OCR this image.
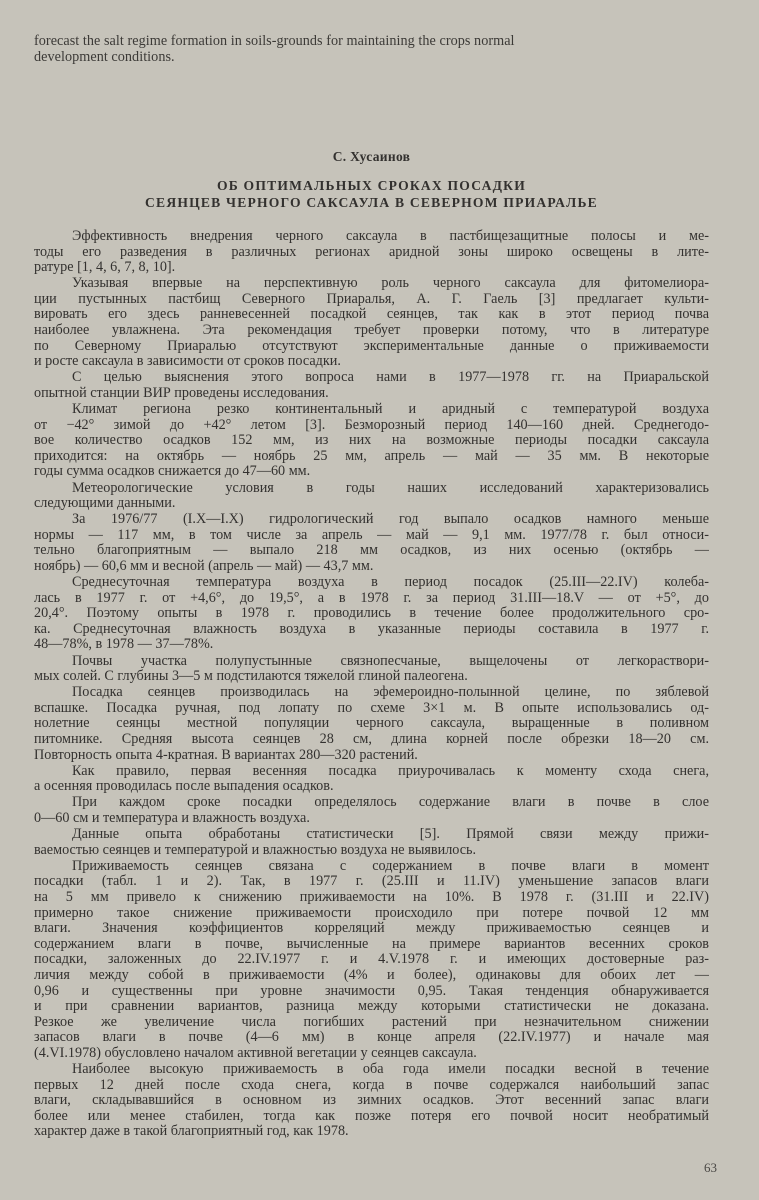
forecast the salt regime formation in soils-grounds for maintaining the crops normal
development conditions.
С. Хусаинов
ОБ ОПТИМАЛЬНЫХ СРОКАХ ПОСАДКИ
СЕЯНЦЕВ ЧЕРНОГО САКСАУЛА В СЕВЕРНОМ ПРИАРАЛЬЕ
Эффективность внедрения черного саксаула в пастбищезащитные полосы и ме-
тоды его разведения в различных регионах аридной зоны широко освещены в лите-
ратуре [1, 4, 6, 7, 8, 10].
Указывая впервые на перспективную роль черного саксаула для фитомелиора-
ции пустынных пастбищ Северного Приаралья, А. Г. Гаель [3] предлагает культи-
вировать его здесь ранневесенней посадкой сеянцев, так как в этот период почва
наиболее увлажнена. Эта рекомендация требует проверки потому, что в литературе
по Северному Приаралью отсутствуют экспериментальные данные о приживаемости
и росте саксаула в зависимости от сроков посадки.
С целью выяснения этого вопроса нами в 1977—1978 гг. на Приаральской
опытной станции ВИР проведены исследования.
Климат региона резко континентальный и аридный с температурой воздуха
от −42° зимой до +42° летом [3]. Безморозный период 140—160 дней. Среднегодо-
вое количество осадков 152 мм, из них на возможные периоды посадки саксаула
приходится: на октябрь — ноябрь 25 мм, апрель — май — 35 мм. В некоторые
годы сумма осадков снижается до 47—60 мм.
Метеорологические условия в годы наших исследований характеризовались
следующими данными.
За 1976/77 (I.X—I.X) гидрологический год выпало осадков намного меньше
нормы — 117 мм, в том числе за апрель — май — 9,1 мм. 1977/78 г. был относи-
тельно благоприятным — выпало 218 мм осадков, из них осенью (октябрь —
ноябрь) — 60,6 мм и весной (апрель — май) — 43,7 мм.
Среднесуточная температура воздуха в период посадок (25.III—22.IV) колеба-
лась в 1977 г. от +4,6°, до 19,5°, а в 1978 г. за период 31.III—18.V — от +5°, до
20,4°. Поэтому опыты в 1978 г. проводились в течение более продолжительного сро-
ка. Среднесуточная влажность воздуха в указанные периоды составила в 1977 г.
48—78%, в 1978 — 37—78%.
Почвы участка полупустынные связнопесчаные, выщелочены от легкораствори-
мых солей. С глубины 3—5 м подстилаются тяжелой глиной палеогена.
Посадка сеянцев производилась на эфемероидно-полынной целине, по зяблевой
вспашке. Посадка ручная, под лопату по схеме 3×1 м. В опыте использовались од-
нолетние сеянцы местной популяции черного саксаула, выращенные в поливном
питомнике. Средняя высота сеянцев 28 см, длина корней после обрезки 18—20 см.
Повторность опыта 4-кратная. В вариантах 280—320 растений.
Как правило, первая весенняя посадка приурочивалась к моменту схода снега,
а осенняя проводилась после выпадения осадков.
При каждом сроке посадки определялось содержание влаги в почве в слое
0—60 см и температура и влажность воздуха.
Данные опыта обработаны статистически [5]. Прямой связи между прижи-
ваемостью сеянцев и температурой и влажностью воздуха не выявилось.
Приживаемость сеянцев связана с содержанием в почве влаги в момент
посадки (табл. 1 и 2). Так, в 1977 г. (25.III и 11.IV) уменьшение запасов влаги
на 5 мм привело к снижению приживаемости на 10%. В 1978 г. (31.III и 22.IV)
примерно такое снижение приживаемости происходило при потере почвой 12 мм
влаги. Значения коэффициентов корреляций между приживаемостью сеянцев и
содержанием влаги в почве, вычисленные на примере вариантов весенних сроков
посадки, заложенных до 22.IV.1977 г. и 4.V.1978 г. и имеющих достоверные раз-
личия между собой в приживаемости (4% и более), одинаковы для обоих лет —
0,96 и существенны при уровне значимости 0,95. Такая тенденция обнаруживается
и при сравнении вариантов, разница между которыми статистически не доказана.
Резкое же увеличение числа погибших растений при незначительном снижении
запасов влаги в почве (4—6 мм) в конце апреля (22.IV.1977) и начале мая
(4.VI.1978) обусловлено началом активной вегетации у сеянцев саксаула.
Наиболее высокую приживаемость в оба года имели посадки весной в течение
первых 12 дней после схода снега, когда в почве содержался наибольший запас
влаги, складывавшийся в основном из зимних осадков. Этот весенний запас влаги
более или менее стабилен, тогда как позже потеря его почвой носит необратимый
характер даже в такой благоприятный год, как 1978.
63
